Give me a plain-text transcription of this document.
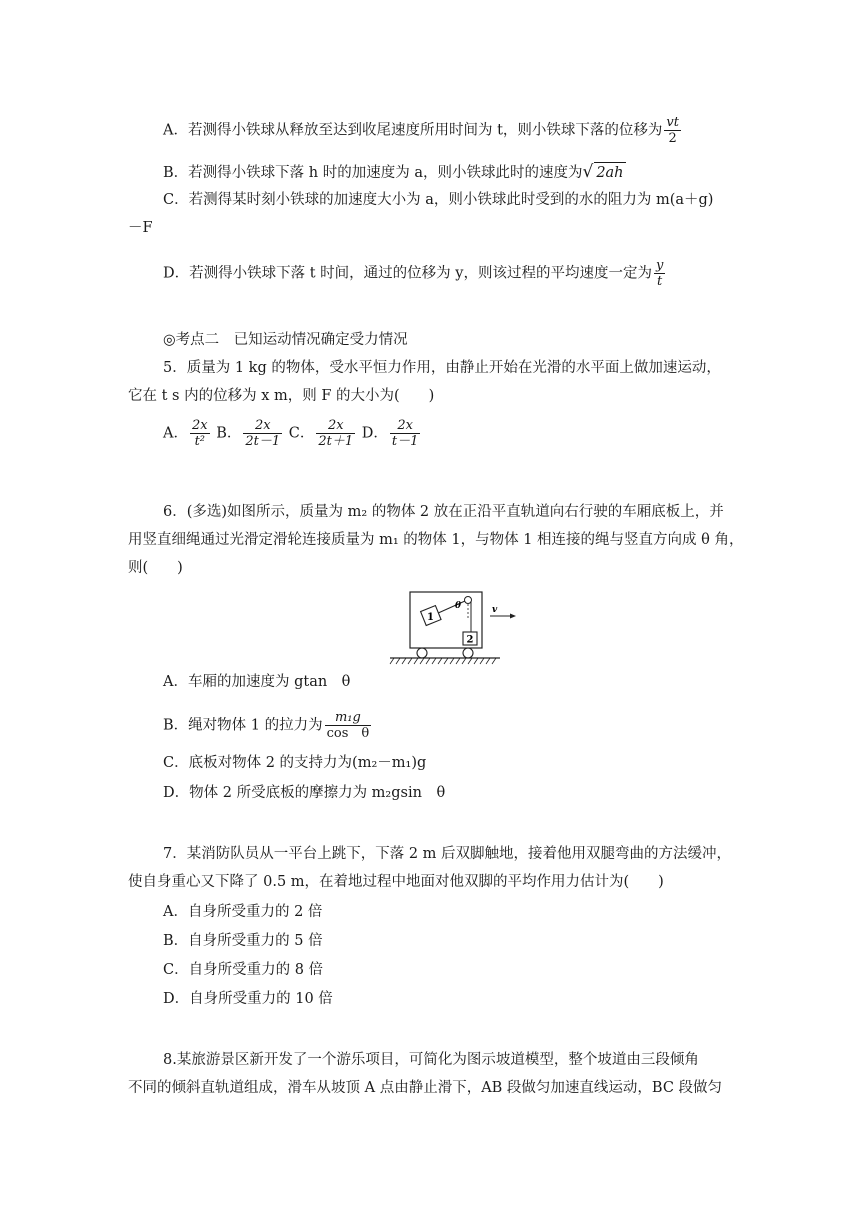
A．若测得小铁球从释放至达到收尾速度所用时间为 t，则小铁球下落的位移为 $\frac{vt}{2}$
B．若测得小铁球下落 h 时的加速度为 a，则小铁球此时的速度为√ 2ah
C．若测得某时刻小铁球的加速度大小为 a，则小铁球此时受到的水的阻力为 m(a＋g)
－F
D．若测得小铁球下落 t 时间，通过的位移为 y，则该过程的平均速度一定为 $\frac{y}{t}$
◎考点二　已知运动情况确定受力情况
5．质量为 1 kg 的物体，受水平恒力作用，由静止开始在光滑的水平面上做加速运动，
它在 t s 内的位移为 x m，则 F 的大小为(　　)
A． $\frac{2x}{\text{t²}}$ B． $\frac{2x}{2t-1}$ C． $\frac{2x}{2t+1}$ D． $\frac{2x}{t-1}$
6．(多选)如图所示，质量为 m₂ 的物体 2 放在正沿平直轨道向右行驶的车厢底板上，并
用竖直细绳通过光滑定滑轮连接质量为 m₁ 的物体 1，与物体 1 相连接的绳与竖直方向成 θ 角，
则(　　)
1
θ
2
v
A．车厢的加速度为 gtan　θ
B．绳对物体 1 的拉力为 $\frac{\text{m₁g}}{\text{cos　θ}}$
C．底板对物体 2 的支持力为(m₂－m₁)g
D．物体 2 所受底板的摩擦力为 m₂gsin　θ
7．某消防队员从一平台上跳下，下落 2 m 后双脚触地，接着他用双腿弯曲的方法缓冲，
使自身重心又下降了 0.5 m，在着地过程中地面对他双脚的平均作用力估计为(　　)
A．自身所受重力的 2 倍
B．自身所受重力的 5 倍
C．自身所受重力的 8 倍
D．自身所受重力的 10 倍
8.某旅游景区新开发了一个游乐项目，可简化为图示坡道模型，整个坡道由三段倾角
不同的倾斜直轨道组成，滑车从坡顶 A 点由静止滑下，AB 段做匀加速直线运动，BC 段做匀
